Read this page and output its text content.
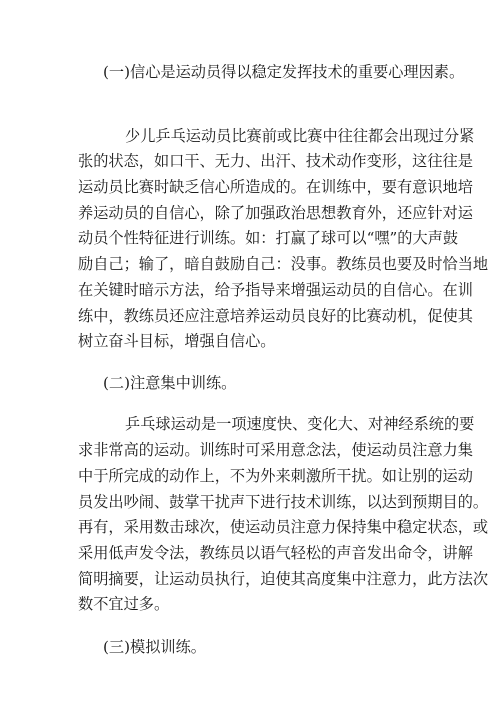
(一)信心是运动员得以稳定发挥技术的重要心理因素。
少儿乒乓运动员比赛前或比赛中往往都会出现过分紧
张的状态，如口干、无力、出汗、技术动作变形，这往往是
运动员比赛时缺乏信心所造成的。在训练中，要有意识地培
养运动员的自信心，除了加强政治思想教育外，还应针对运
动员个性特征进行训练。如：打赢了球可以“嘿”的大声鼓
励自己；输了，暗自鼓励自己：没事。教练员也要及时恰当地
在关键时暗示方法，给予指导来增强运动员的自信心。在训
练中，教练员还应注意培养运动员良好的比赛动机，促使其
树立奋斗目标，增强自信心。
(二)注意集中训练。
乒乓球运动是一项速度快、变化大、对神经系统的要
求非常高的运动。训练时可采用意念法，使运动员注意力集
中于所完成的动作上，不为外来刺激所干扰。如让别的运动
员发出吵闹、鼓掌干扰声下进行技术训练，以达到预期目的。
再有，采用数击球次，使运动员注意力保持集中稳定状态，或
采用低声发令法，教练员以语气轻松的声音发出命令，讲解
简明摘要，让运动员执行，迫使其高度集中注意力，此方法次
数不宜过多。
(三)模拟训练。
